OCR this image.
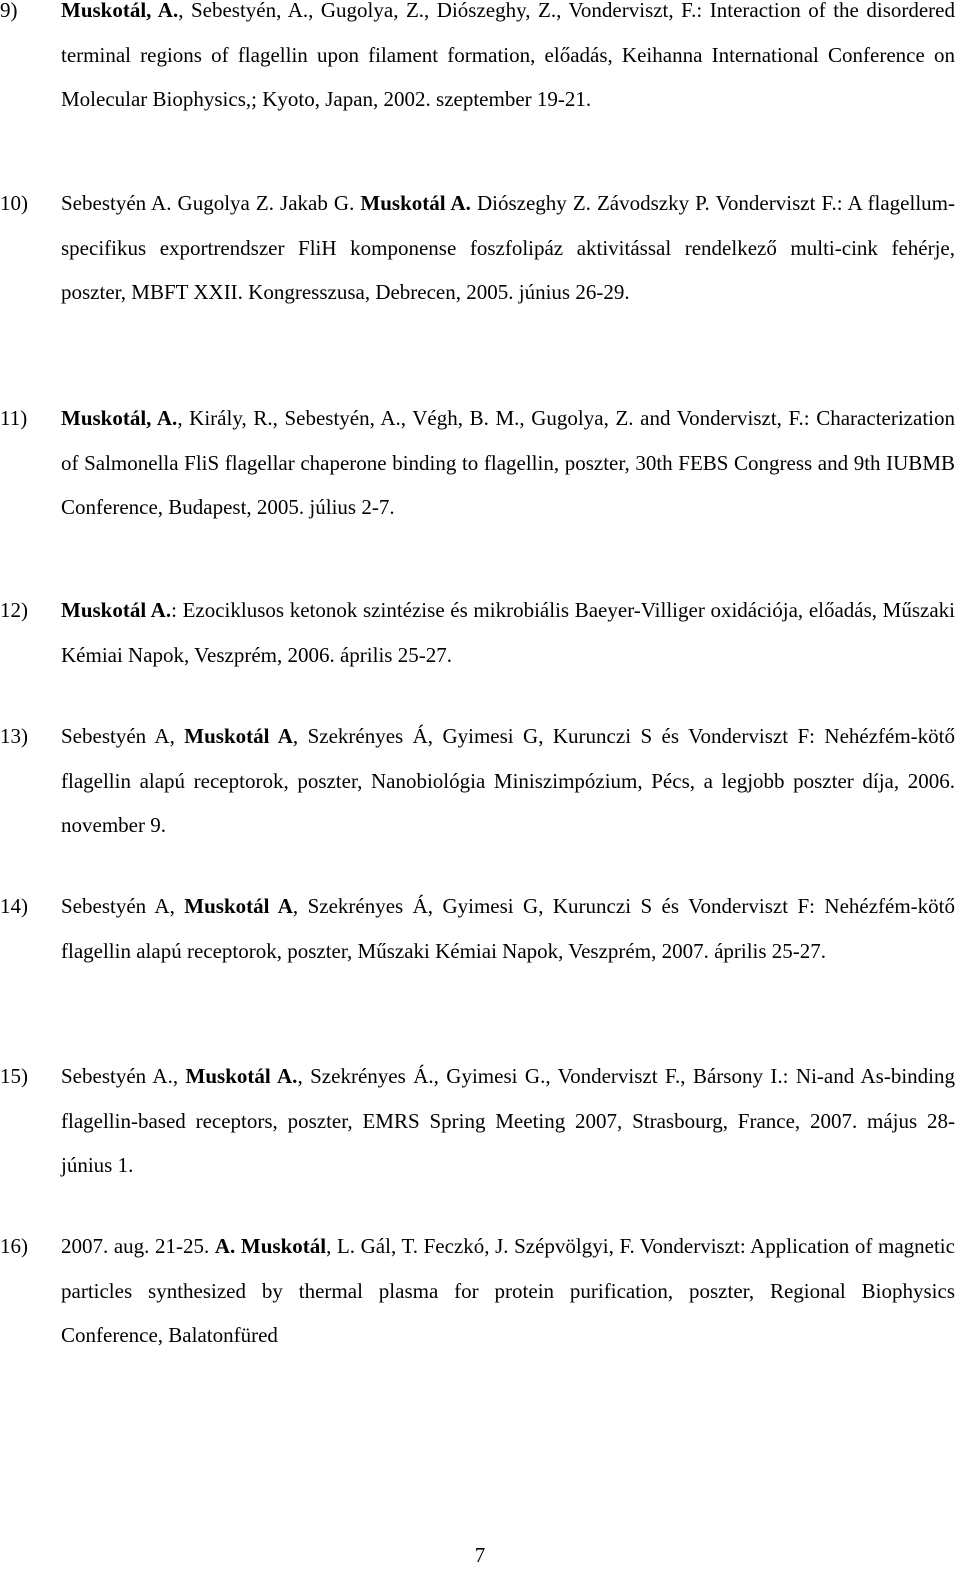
9) Muskotál, A., Sebestyén, A., Gugolya, Z., Diószeghy, Z., Vonderviszt, F.: Interaction of the disordered terminal regions of flagellin upon filament formation, előadás, Keihanna International Conference on Molecular Biophysics,; Kyoto, Japan, 2002. szeptember 19-21.
10) Sebestyén A. Gugolya Z. Jakab G. Muskotál A. Diószeghy Z. Závodszky P. Vonderviszt F.: A flagellum-specifikus exportrendszer FliH komponense foszfolipáz aktivitással rendelkező multi-cink fehérje, poszter, MBFT XXII. Kongresszusa, Debrecen, 2005. június 26-29.
11) Muskotál, A., Király, R., Sebestyén, A., Végh, B. M., Gugolya, Z. and Vonderviszt, F.: Characterization of Salmonella FliS flagellar chaperone binding to flagellin, poszter, 30th FEBS Congress and 9th IUBMB Conference, Budapest, 2005. július 2-7.
12) Muskotál A.: Ezociklusos ketonok szintézise és mikrobiális Baeyer-Villiger oxidációja, előadás, Műszaki Kémiai Napok, Veszprém, 2006. április 25-27.
13) Sebestyén A, Muskotál A, Szekrényes Á, Gyimesi G, Kurunczi S és Vonderviszt F: Nehézfém-kötő flagellin alapú receptorok, poszter, Nanobiológia Miniszimpózium, Pécs, a legjobb poszter díja, 2006. november 9.
14) Sebestyén A, Muskotál A, Szekrényes Á, Gyimesi G, Kurunczi S és Vonderviszt F: Nehézfém-kötő flagellin alapú receptorok, poszter, Műszaki Kémiai Napok, Veszprém, 2007. április 25-27.
15) Sebestyén A., Muskotál A., Szekrényes Á., Gyimesi G., Vonderviszt F., Bársony I.: Ni-and As-binding flagellin-based receptors, poszter, EMRS Spring Meeting 2007, Strasbourg, France, 2007. május 28- június 1.
16) 2007. aug. 21-25. A. Muskotál, L. Gál, T. Feczkó, J. Szépvölgyi, F. Vonderviszt: Application of magnetic particles synthesized by thermal plasma for protein purification, poszter, Regional Biophysics Conference, Balatonfüred
7
